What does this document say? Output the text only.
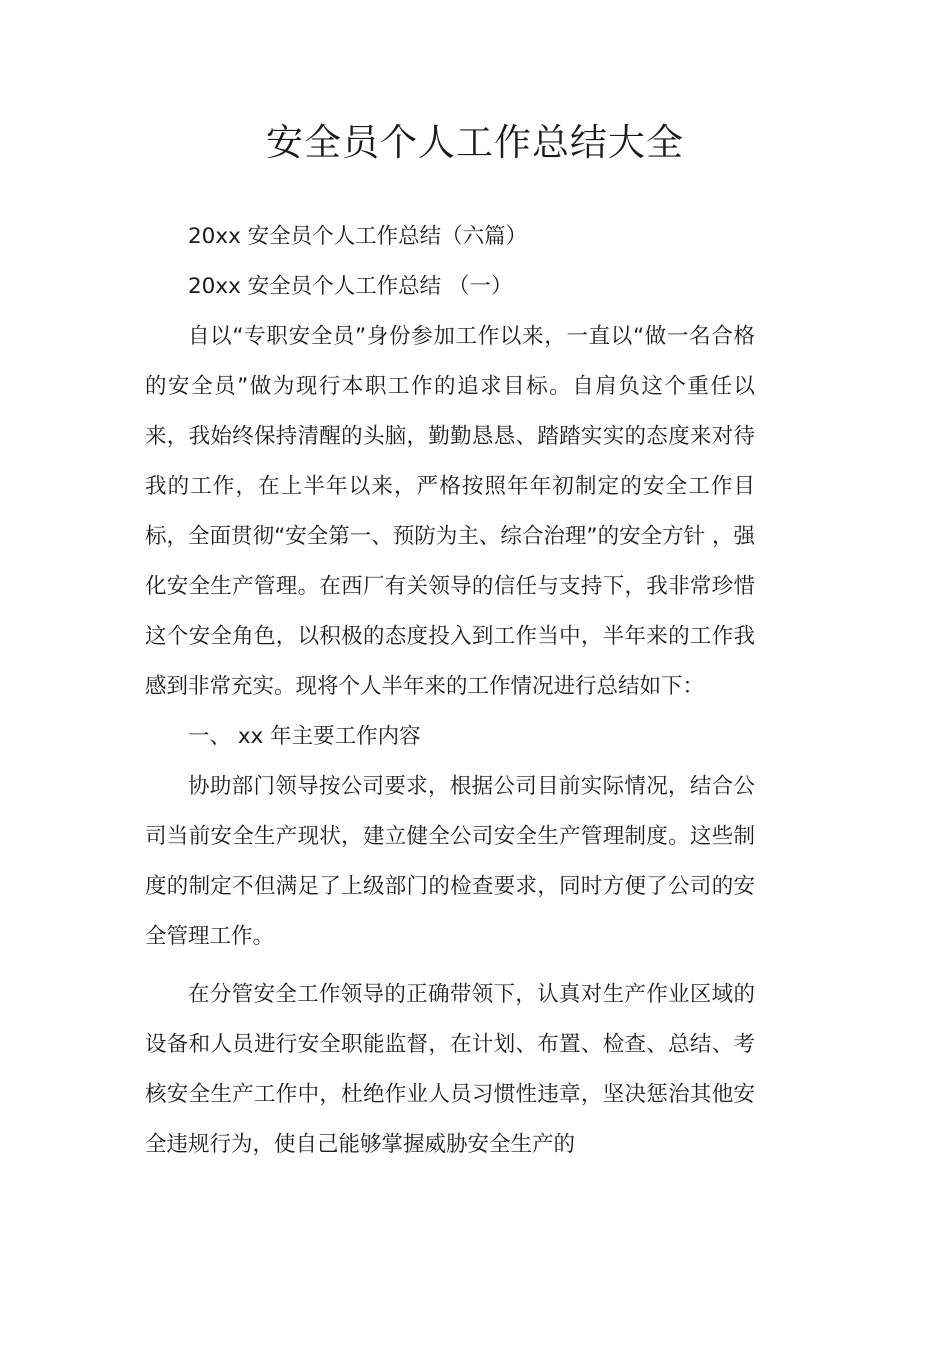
安全员个人工作总结大全

20xx 安全员个人工作总结（六篇）

20xx 安全员个人工作总结 （一）

自以“专职安全员”身份参加工作以来，一直以“做一名合格的安全员”做为现行本职工作的追求目标。自肩负这个重任以来，我始终保持清醒的头脑，勤勤恳恳、踏踏实实的态度来对待我的工作，在上半年以来，严格按照年年初制定的安全工作目标，全面贯彻“安全第一、预防为主、综合治理”的安全方针 ，强化安全生产管理。在西厂有关领导的信任与支持下，我非常珍惜这个安全角色，以积极的态度投入到工作当中，半年来的工作我感到非常充实。现将个人半年来的工作情况进行总结如下：

一、 xx 年主要工作内容

协助部门领导按公司要求，根据公司目前实际情况，结合公司当前安全生产现状，建立健全公司安全生产管理制度。这些制度的制定不但满足了上级部门的检查要求，同时方便了公司的安全管理工作。

在分管安全工作领导的正确带领下，认真对生产作业区域的设备和人员进行安全职能监督，在计划、布置、检查、总结、考核安全生产工作中，杜绝作业人员习惯性违章，坚决惩治其他安全违规行为，使自己能够掌握威胁安全生产的
